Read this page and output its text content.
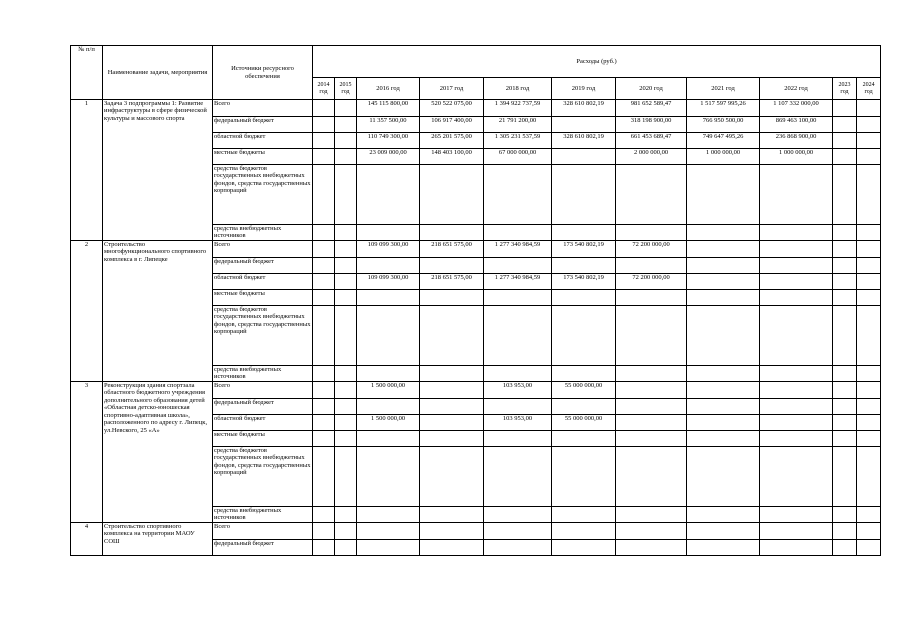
№ п/п	Наименование задачи, мероприятия	Источники ресурсного обеспечения	Расходы (руб.)										
			2014 год	2015 год	2016 год	2017 год	2018 год	2019 год	2020 год	2021 год	2022 год	2023 год	2024 год
1	Задача 3 подпрограммы 1: Развитие инфраструктуры в сфере физической культуры и массового спорта	Всего			145 115 800,00	520 522 075,00	1 394 922 737,59	328 610 802,19	981 652 589,47	1 517 597 995,26	1 107 332 000,00		
		федеральный бюджет			11 357 500,00	106 917 400,00	21 791 200,00		318 198 900,00	766 950 500,00	869 463 100,00		
		областной бюджет			110 749 300,00	265 201 575,00	1 305 231 537,59	328 610 802,19	661 453 689,47	749 647 495,26	236 868 900,00		
		местные бюджеты			23 009 000,00	148 403 100,00	67 000 000,00		2 000 000,00	1 000 000,00	1 000 000,00		
		средства бюджетов государственных внебюджетных фондов, средства государственных корпораций											
		средства внебюджетных источников											
2	Строительство многофункционального спортивного комплекса в г. Липецке	Всего			109 099 300,00	218 651 575,00	1 277 340 984,59	173 540 802,19	72 200 000,00				
		федеральный бюджет											
		областной бюджет			109 099 300,00	218 651 575,00	1 277 340 984,59	173 540 802,19	72 200 000,00				
		местные бюджеты											
		средства бюджетов государственных внебюджетных фондов, средства государственных корпораций											
		средства внебюджетных источников											
3	Реконструкция здания спортзала областного бюджетного учреждения дополнительного образования детей «Областная детско-юношеская спортивно-адаптивная школа», расположенного по адресу г. Липецк, ул.Невского, 25 «А»	Всего			1 500 000,00		103 953,00	55 000 000,00					
		федеральный бюджет											
		областной бюджет			1 500 000,00		103 953,00	55 000 000,00					
		местные бюджеты											
		средства бюджетов государственных внебюджетных фондов, средства государственных корпораций											
		средства внебюджетных источников											
4	Строительство спортивного комплекса на территории МАОУ СОШ	Всего											
		федеральный бюджет											
